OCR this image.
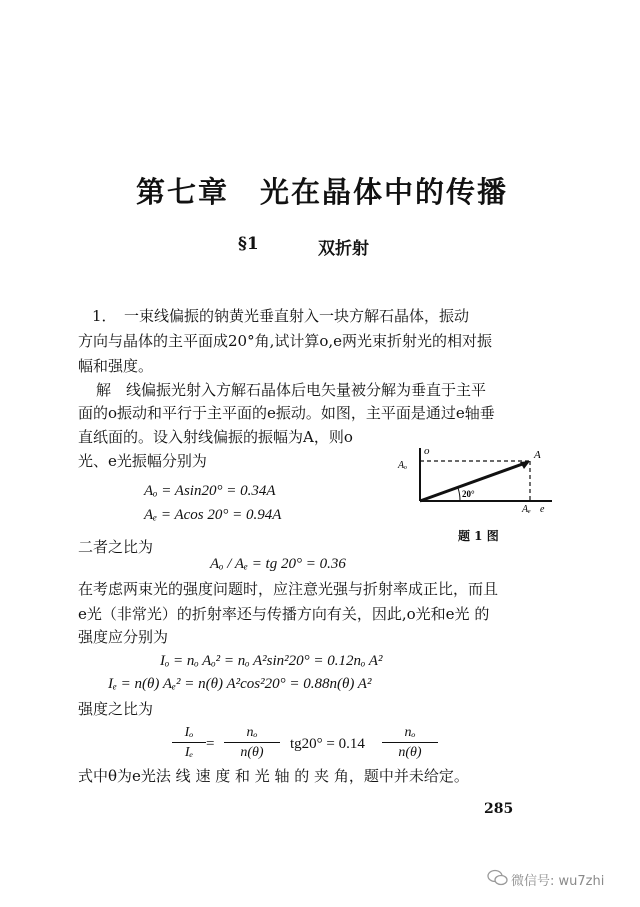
第七章　光在晶体中的传播
§1	双折射
1．　一束线偏振的钠黄光垂直射入一块方解石晶体，振动
方向与晶体的主平面成20°角,试计算o,e两光束折射光的相对振
幅和强度。
解　线偏振光射入方解石晶体后电矢量被分解为垂直于主平
面的o振动和平行于主平面的e振动。如图，主平面是通过e轴垂
直纸面的。设入射线偏振的振幅为A，则o
光、e光振幅分别为
Aₒ = Asin20° = 0.34A
Aₑ = Acos 20° = 0.94A
o	A
Aₒ
Aₑ e
20°
题 1 图
二者之比为
Aₒ / Aₑ = tg 20° = 0.36
在考虑两束光的强度问题时，应注意光强与折射率成正比，而且
e光（非常光）的折射率还与传播方向有关，因此,o光和e光 的
强度应分别为
Iₒ = nₒ Aₒ² = nₒ A²sin²20° = 0.12nₒ A²
Iₑ = n(θ) Aₑ² = n(θ) A²cos²20° = 0.88n(θ) A²
强度之比为
Iₒ
Iₑ
=
nₒ
n(θ)
tg20° = 0.14
nₒ
n(θ)
式中θ为e光法 线 速 度 和 光 轴 的 夹 角，题中并未给定。
285
微信号: wu7zhi
